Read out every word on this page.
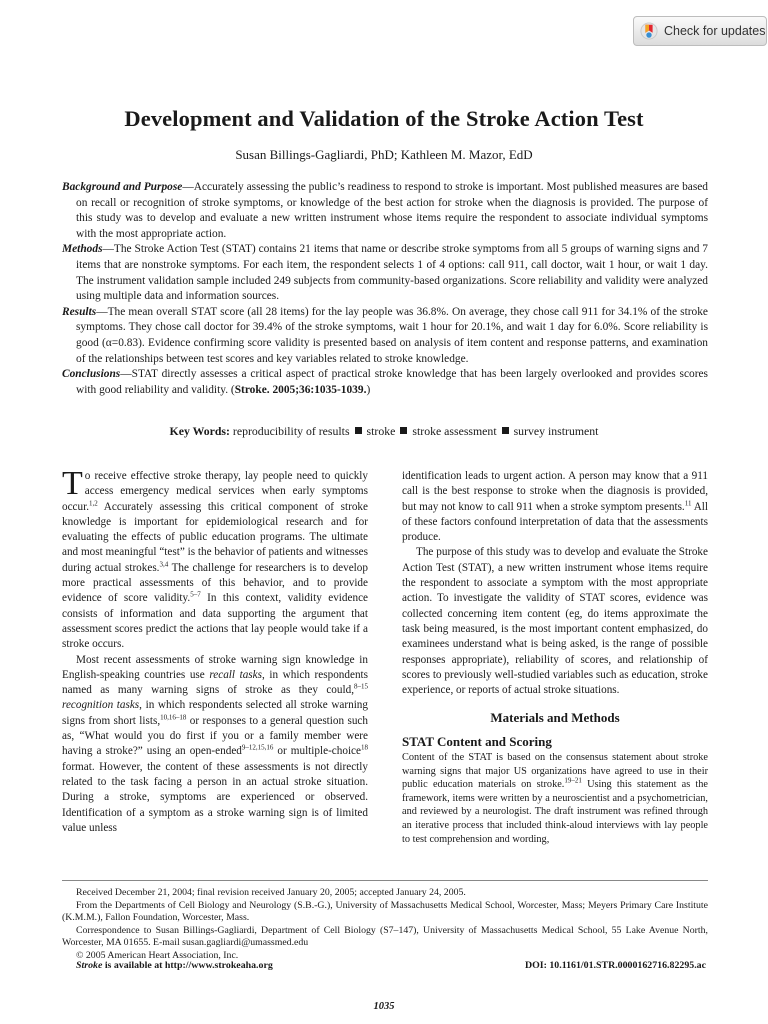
Check for updates
Development and Validation of the Stroke Action Test

Susan Billings-Gagliardi, PhD; Kathleen M. Mazor, EdD

Background and Purpose—Accurately assessing the public’s readiness to respond to stroke is important. Most published measures are based on recall or recognition of stroke symptoms, or knowledge of the best action for stroke when the diagnosis is provided. The purpose of this study was to develop and evaluate a new written instrument whose items require the respondent to associate individual symptoms with the most appropriate action.

Methods—The Stroke Action Test (STAT) contains 21 items that name or describe stroke symptoms from all 5 groups of warning signs and 7 items that are nonstroke symptoms. For each item, the respondent selects 1 of 4 options: call 911, call doctor, wait 1 hour, or wait 1 day. The instrument validation sample included 249 subjects from community-based organizations. Score reliability and validity were analyzed using multiple data and information sources.

Results—The mean overall STAT score (all 28 items) for the lay people was 36.8%. On average, they chose call 911 for 34.1% of the stroke symptoms. They chose call doctor for 39.4% of the stroke symptoms, wait 1 hour for 20.1%, and wait 1 day for 6.0%. Score reliability is good (α=0.83). Evidence confirming score validity is presented based on analysis of item content and response patterns, and examination of the relationships between test scores and key variables related to stroke knowledge.

Conclusions—STAT directly assesses a critical aspect of practical stroke knowledge that has been largely overlooked and provides scores with good reliability and validity. (Stroke. 2005;36:1035-1039.)

Key Words: reproducibility of results stroke stroke assessment survey instrument

To receive effective stroke therapy, lay people need to quickly access emergency medical services when early symptoms occur.$^{1,2}$ Accurately assessing this critical component of stroke knowledge is important for epidemiological research and for evaluating the effects of public education programs. The ultimate and most meaningful “test” is the behavior of patients and witnesses during actual strokes.$^{3,4}$ The challenge for researchers is to develop more practical assessments of this behavior, and to provide evidence of score validity.$^{5-7}$ In this context, validity evidence consists of information and data supporting the argument that assessment scores predict the actions that lay people would take if a stroke occurs.

Most recent assessments of stroke warning sign knowledge in English-speaking countries use recall tasks, in which respondents named as many warning signs of stroke as they could,$^{8-15}$ recognition tasks, in which respondents selected all stroke warning signs from short lists,$^{10,16-18}$ or responses to a general question such as, “What would you do first if you or a family member were having a stroke?” using an open-ended$^{9-12,15,16}$ or multiple-choice$^{18}$ format. However, the content of these assessments is not directly related to the task facing a person in an actual stroke situation. During a stroke, symptoms are experienced or observed. Identification of a symptom as a stroke warning sign is of limited value unless

identification leads to urgent action. A person may know that a 911 call is the best response to stroke when the diagnosis is provided, but may not know to call 911 when a stroke symptom presents.$^{11}$ All of these factors confound interpretation of data that the assessments produce.

The purpose of this study was to develop and evaluate the Stroke Action Test (STAT), a new written instrument whose items require the respondent to associate a symptom with the most appropriate action. To investigate the validity of STAT scores, evidence was collected concerning item content (eg, do items approximate the task being measured, is the most important content emphasized, do examinees understand what is being asked, is the range of possible responses appropriate), reliability of scores, and relationship of scores to previously well-studied variables such as education, stroke experience, or reports of actual stroke situations.

Materials and Methods
STAT Content and Scoring

Content of the STAT is based on the consensus statement about stroke warning signs that major US organizations have agreed to use in their public education materials on stroke.$^{19-21}$ Using this statement as the framework, items were written by a neuroscientist and a psychometrician, and reviewed by a neurologist. The draft instrument was refined through an iterative process that included think-aloud interviews with lay people to test comprehension and wording,

Received December 21, 2004; final revision received January 20, 2005; accepted January 24, 2005.

From the Departments of Cell Biology and Neurology (S.B.-G.), University of Massachusetts Medical School, Worcester, Mass; Meyers Primary Care Institute (K.M.M.), Fallon Foundation, Worcester, Mass.

Correspondence to Susan Billings-Gagliardi, Department of Cell Biology (S7–147), University of Massachusetts Medical School, 55 Lake Avenue North, Worcester, MA 01655. E-mail susan.gagliardi@umassmed.edu

© 2005 American Heart Association, Inc.

Stroke is available at http://www.strokeaha.org	DOI: 10.1161/01.STR.0000162716.82295.ac
1035
